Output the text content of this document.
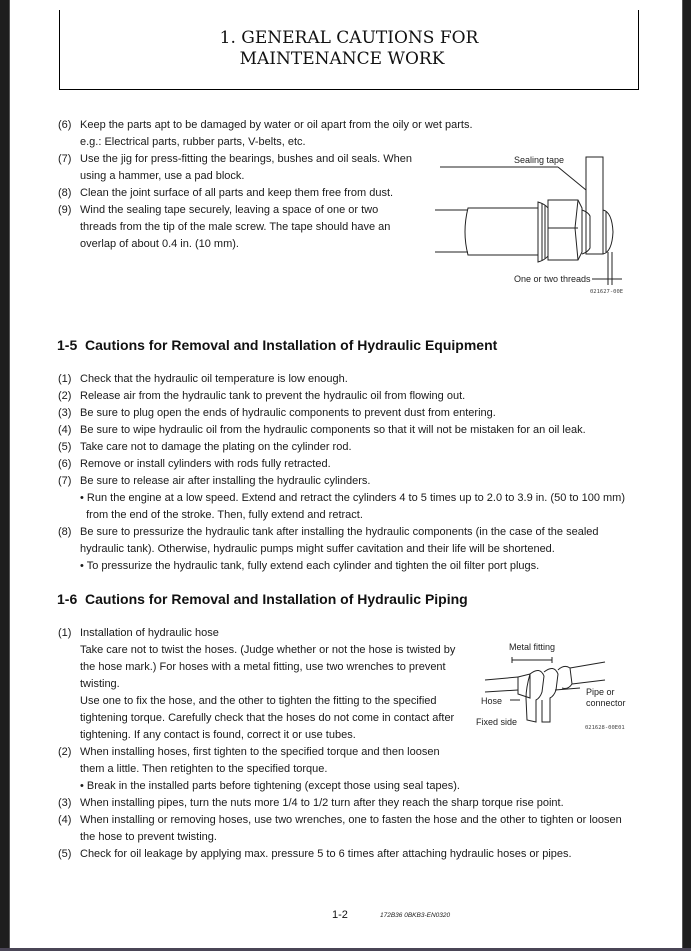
1. GENERAL CAUTIONS FOR
MAINTENANCE WORK
(6) Keep the parts apt to be damaged by water or oil apart from the oily or wet parts.
e.g.: Electrical parts, rubber parts, V-belts, etc.
(7) Use the jig for press-fitting the bearings, bushes and oil seals. When
using a hammer, use a pad block.
(8) Clean the joint surface of all parts and keep them free from dust.
(9) Wind the sealing tape securely, leaving a space of one or two
threads from the tip of the male screw. The tape should have an
overlap of about 0.4 in. (10 mm).
1-5  Cautions for Removal and Installation of Hydraulic Equipment
(1) Check that the hydraulic oil temperature is low enough.
(2) Release air from the hydraulic tank to prevent the hydraulic oil from flowing out.
(3) Be sure to plug open the ends of hydraulic components to prevent dust from entering.
(4) Be sure to wipe hydraulic oil from the hydraulic components so that it will not be mistaken for an oil leak.
(5) Take care not to damage the plating on the cylinder rod.
(6) Remove or install cylinders with rods fully retracted.
(7) Be sure to release air after installing the hydraulic cylinders.
• Run the engine at a low speed. Extend and retract the cylinders 4 to 5 times up to 2.0 to 3.9 in. (50 to 100 mm)
from the end of the stroke. Then, fully extend and retract.
(8) Be sure to pressurize the hydraulic tank after installing the hydraulic components (in the case of the sealed
hydraulic tank). Otherwise, hydraulic pumps might suffer cavitation and their life will be shortened.
• To pressurize the hydraulic tank, fully extend each cylinder and tighten the oil filter port plugs.
1-6  Cautions for Removal and Installation of Hydraulic Piping
(1) Installation of hydraulic hose
Take care not to twist the hoses. (Judge whether or not the hose is twisted by
the hose mark.) For hoses with a metal fitting, use two wrenches to prevent
twisting.
Use one to fix the hose, and the other to tighten the fitting to the specified
tightening torque. Carefully check that the hoses do not come in contact after
tightening. If any contact is found, correct it or use tubes.
(2) When installing hoses, first tighten to the specified torque and then loosen
them a little. Then retighten to the specified torque.
• Break in the installed parts before tightening (except those using seal tapes).
(3) When installing pipes, turn the nuts more 1/4 to 1/2 turn after they reach the sharp torque rise point.
(4) When installing or removing hoses, use two wrenches, one to fasten the hose and the other to tighten or loosen
the hose to prevent twisting.
(5) Check for oil leakage by applying max. pressure 5 to 6 times after attaching hydraulic hoses or pipes.
Sealing tape
One or two threads
021627-00E
Metal fitting
Hose
Pipe or
connector
Fixed side
021628-00E01
1-2	172B36 0BKB3-EN0320
